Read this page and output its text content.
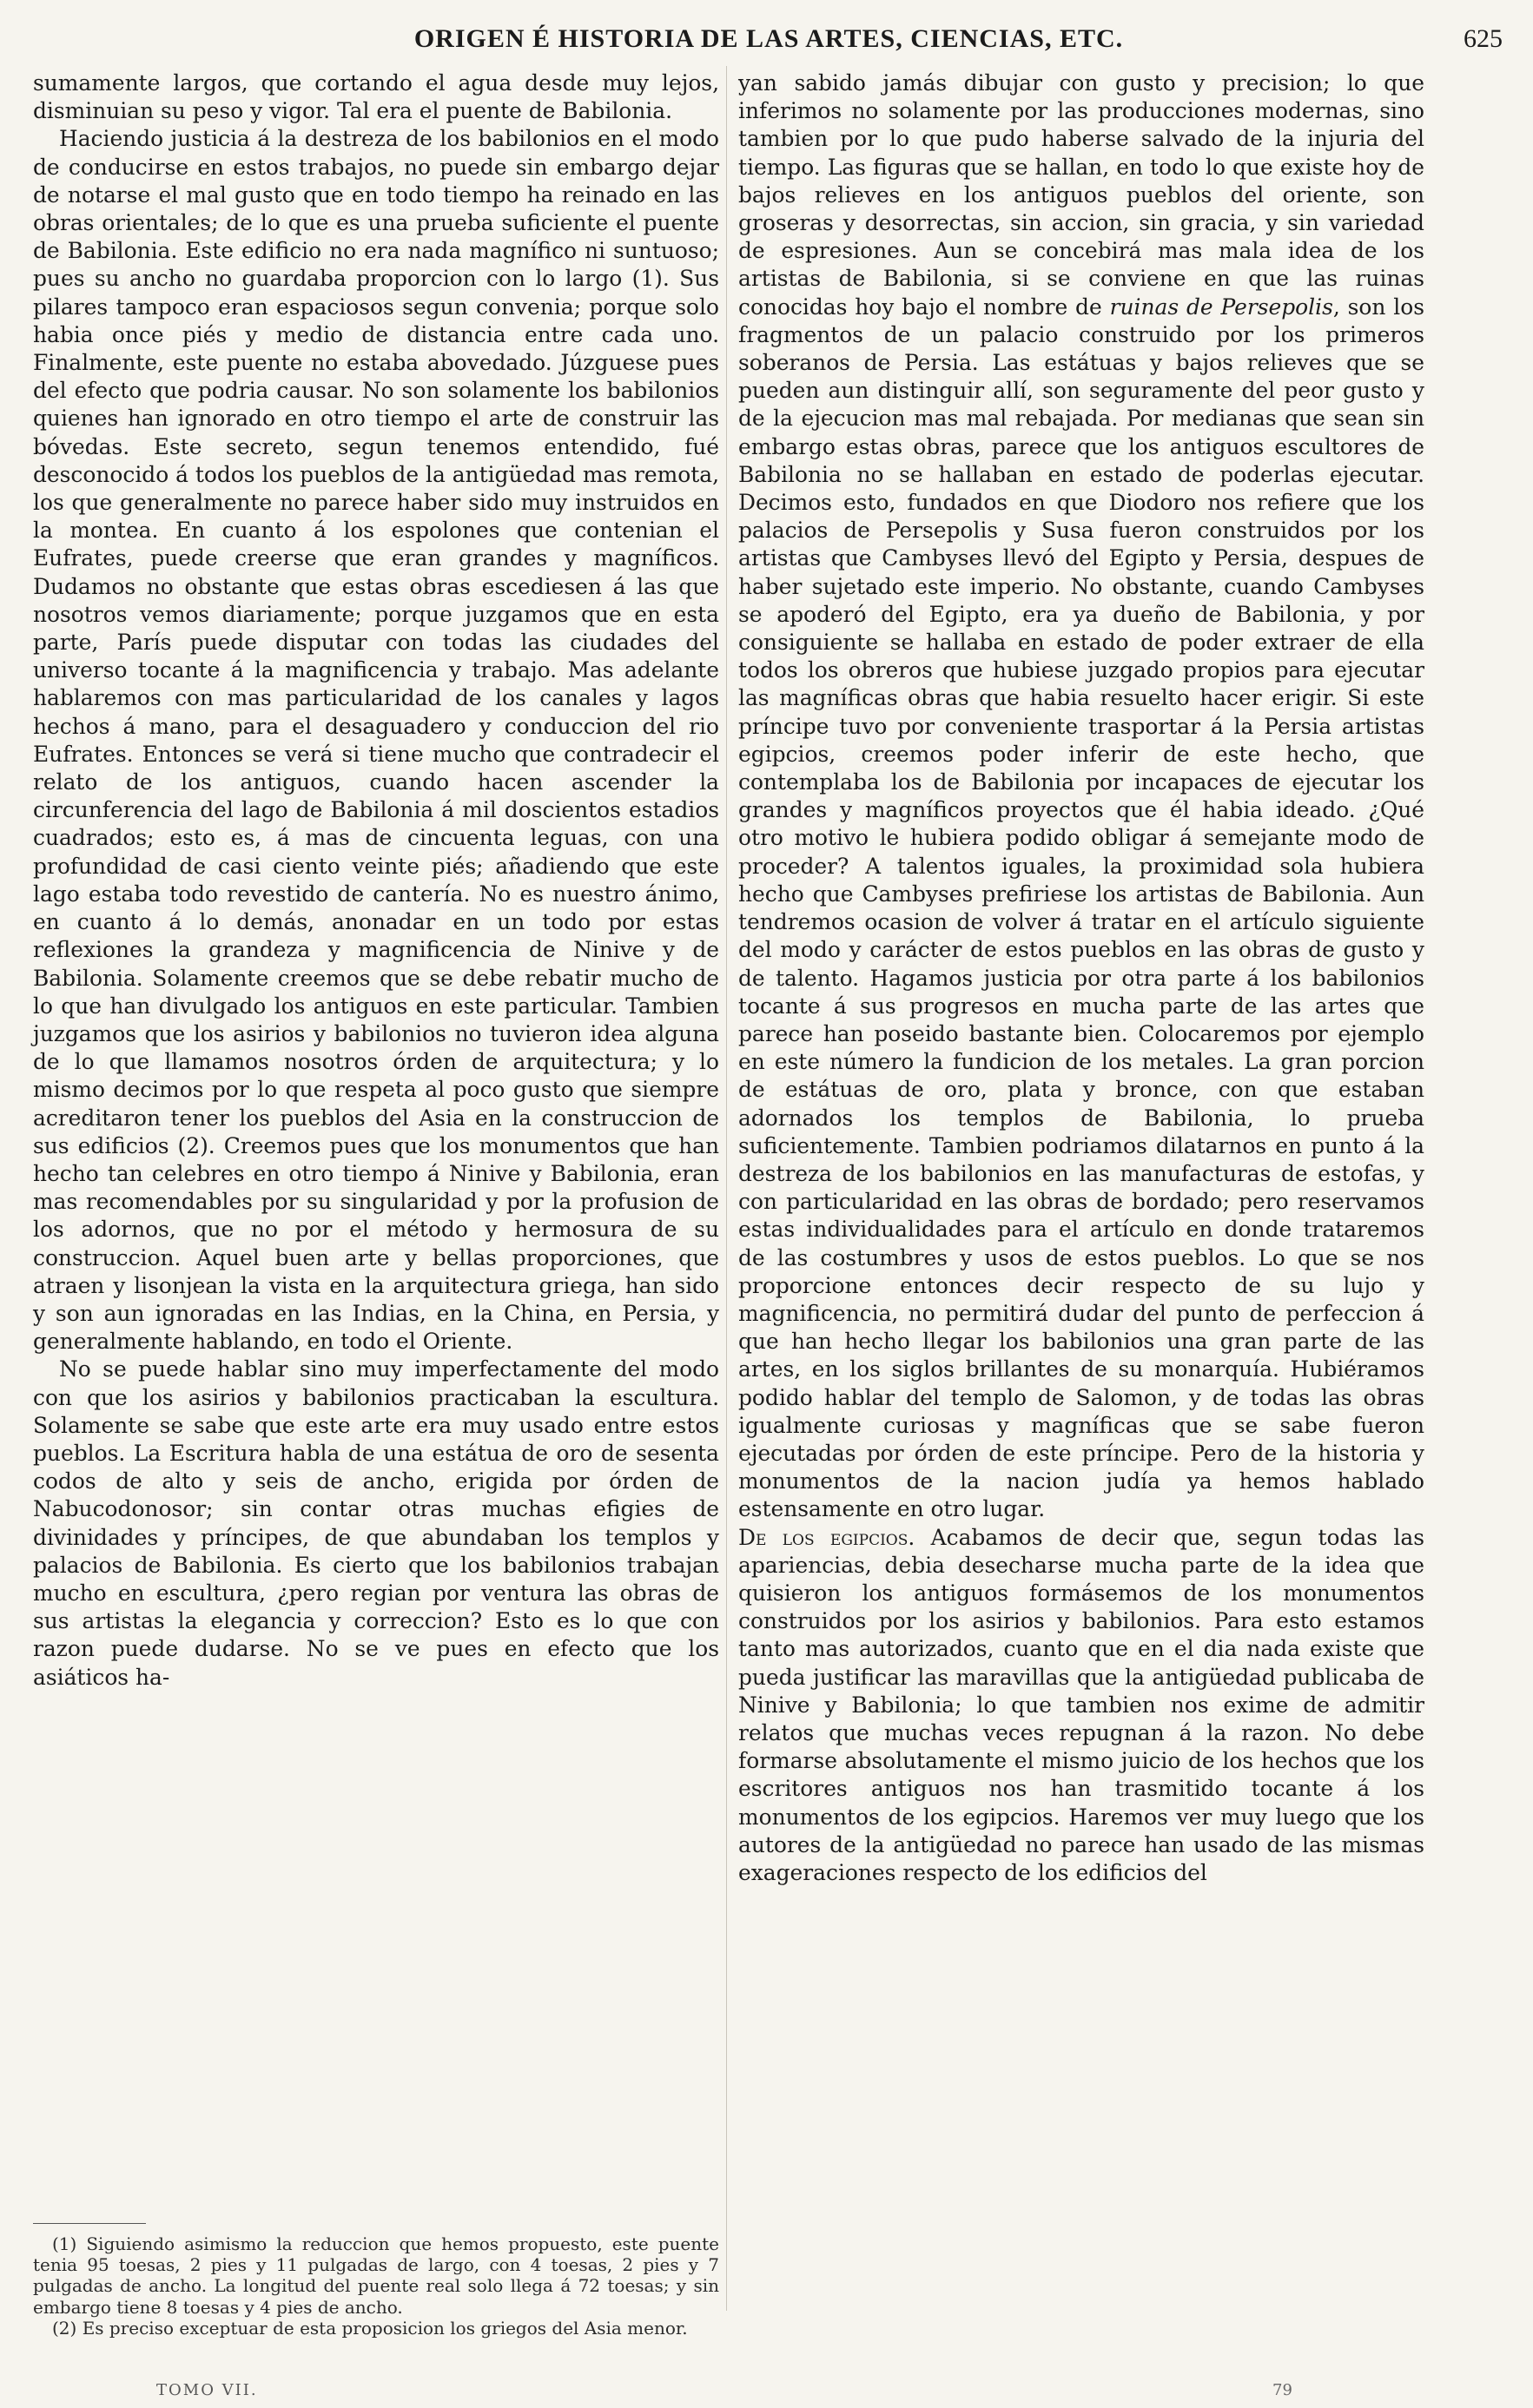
ORIGEN É HISTORIA DE LAS ARTES, CIENCIAS, ETC.	625

sumamente largos, que cortando el agua desde muy lejos, disminuian su peso y vigor. Tal era el puente de Babilonia.

Haciendo justicia á la destreza de los babilonios en el modo de conducirse en estos trabajos, no puede sin embargo dejar de notarse el mal gusto que en todo tiempo ha reinado en las obras orientales; de lo que es una prueba suficiente el puente de Babilonia. Este edificio no era nada magnífico ni suntuoso; pues su ancho no guardaba proporcion con lo largo (1). Sus pilares tampoco eran espaciosos segun convenia; porque solo habia once piés y medio de distancia entre cada uno. Finalmente, este puente no estaba abovedado. Júzguese pues del efecto que podria causar. No son solamente los babilonios quienes han ignorado en otro tiempo el arte de construir las bóvedas. Este secreto, segun tenemos entendido, fué desconocido á todos los pueblos de la antigüedad mas remota, los que generalmente no parece haber sido muy instruidos en la montea. En cuanto á los espolones que contenian el Eufrates, puede creerse que eran grandes y magníficos. Dudamos no obstante que estas obras escediesen á las que nosotros vemos diariamente; porque juzgamos que en esta parte, París puede disputar con todas las ciudades del universo tocante á la magnificencia y trabajo. Mas adelante hablaremos con mas particularidad de los canales y lagos hechos á mano, para el desaguadero y conduccion del rio Eufrates. Entonces se verá si tiene mucho que contradecir el relato de los antiguos, cuando hacen ascender la circunferencia del lago de Babilonia á mil doscientos estadios cuadrados; esto es, á mas de cincuenta leguas, con una profundidad de casi ciento veinte piés; añadiendo que este lago estaba todo revestido de cantería. No es nuestro ánimo, en cuanto á lo demás, anonadar en un todo por estas reflexiones la grandeza y magnificencia de Ninive y de Babilonia. Solamente creemos que se debe rebatir mucho de lo que han divulgado los antiguos en este particular. Tambien juzgamos que los asirios y babilonios no tuvieron idea alguna de lo que llamamos nosotros órden de arquitectura; y lo mismo decimos por lo que respeta al poco gusto que siempre acreditaron tener los pueblos del Asia en la construccion de sus edificios (2). Creemos pues que los monumentos que han hecho tan celebres en otro tiempo á Ninive y Babilonia, eran mas recomendables por su singularidad y por la profusion de los adornos, que no por el método y hermosura de su construccion. Aquel buen arte y bellas proporciones, que atraen y lisonjean la vista en la arquitectura griega, han sido y son aun ignoradas en las Indias, en la China, en Persia, y generalmente hablando, en todo el Oriente.

No se puede hablar sino muy imperfectamente del modo con que los asirios y babilonios practicaban la escultura. Solamente se sabe que este arte era muy usado entre estos pueblos. La Escritura habla de una estátua de oro de sesenta codos de alto y seis de ancho, erigida por órden de Nabucodonosor; sin contar otras muchas efigies de divinidades y príncipes, de que abundaban los templos y palacios de Babilonia. Es cierto que los babilonios trabajan mucho en escultura, ¿pero regian por ventura las obras de sus artistas la elegancia y correccion? Esto es lo que con razon puede dudarse. No se ve pues en efecto que los asiáticos ha-

(1) Siguiendo asimismo la reduccion que hemos propuesto, este puente tenia 95 toesas, 2 pies y 11 pulgadas de largo, con 4 toesas, 2 pies y 7 pulgadas de ancho. La longitud del puente real solo llega á 72 toesas; y sin embargo tiene 8 toesas y 4 pies de ancho.

(2) Es preciso exceptuar de esta proposicion los griegos del Asia menor.

TOMO VII.	79

yan sabido jamás dibujar con gusto y precision; lo que inferimos no solamente por las producciones modernas, sino tambien por lo que pudo haberse salvado de la injuria del tiempo. Las figuras que se hallan, en todo lo que existe hoy de bajos relieves en los antiguos pueblos del oriente, son groseras y desorrectas, sin accion, sin gracia, y sin variedad de espresiones. Aun se concebirá mas mala idea de los artistas de Babilonia, si se conviene en que las ruinas conocidas hoy bajo el nombre de ruinas de Persepolis, son los fragmentos de un palacio construido por los primeros soberanos de Persia. Las estátuas y bajos relieves que se pueden aun distinguir allí, son seguramente del peor gusto y de la ejecucion mas mal rebajada. Por medianas que sean sin embargo estas obras, parece que los antiguos escultores de Babilonia no se hallaban en estado de poderlas ejecutar. Decimos esto, fundados en que Diodoro nos refiere que los palacios de Persepolis y Susa fueron construidos por los artistas que Cambyses llevó del Egipto y Persia, despues de haber sujetado este imperio. No obstante, cuando Cambyses se apoderó del Egipto, era ya dueño de Babilonia, y por consiguiente se hallaba en estado de poder extraer de ella todos los obreros que hubiese juzgado propios para ejecutar las magníficas obras que habia resuelto hacer erigir. Si este príncipe tuvo por conveniente trasportar á la Persia artistas egipcios, creemos poder inferir de este hecho, que contemplaba los de Babilonia por incapaces de ejecutar los grandes y magníficos proyectos que él habia ideado. ¿Qué otro motivo le hubiera podido obligar á semejante modo de proceder? A talentos iguales, la proximidad sola hubiera hecho que Cambyses prefiriese los artistas de Babilonia. Aun tendremos ocasion de volver á tratar en el artículo siguiente del modo y carácter de estos pueblos en las obras de gusto y de talento. Hagamos justicia por otra parte á los babilonios tocante á sus progresos en mucha parte de las artes que parece han poseido bastante bien. Colocaremos por ejemplo en este número la fundicion de los metales. La gran porcion de estátuas de oro, plata y bronce, con que estaban adornados los templos de Babilonia, lo prueba suficientemente. Tambien podriamos dilatarnos en punto á la destreza de los babilonios en las manufacturas de estofas, y con particularidad en las obras de bordado; pero reservamos estas individualidades para el artículo en donde trataremos de las costumbres y usos de estos pueblos. Lo que se nos proporcione entonces decir respecto de su lujo y magnificencia, no permitirá dudar del punto de perfeccion á que han hecho llegar los babilonios una gran parte de las artes, en los siglos brillantes de su monarquía. Hubiéramos podido hablar del templo de Salomon, y de todas las obras igualmente curiosas y magníficas que se sabe fueron ejecutadas por órden de este príncipe. Pero de la historia y monumentos de la nacion judía ya hemos hablado estensamente en otro lugar.

De los egipcios. Acabamos de decir que, segun todas las apariencias, debia desecharse mucha parte de la idea que quisieron los antiguos formásemos de los monumentos construidos por los asirios y babilonios. Para esto estamos tanto mas autorizados, cuanto que en el dia nada existe que pueda justificar las maravillas que la antigüedad publicaba de Ninive y Babilonia; lo que tambien nos exime de admitir relatos que muchas veces repugnan á la razon. No debe formarse absolutamente el mismo juicio de los hechos que los escritores antiguos nos han trasmitido tocante á los monumentos de los egipcios. Haremos ver muy luego que los autores de la antigüedad no parece han usado de las mismas exageraciones respecto de los edificios del
